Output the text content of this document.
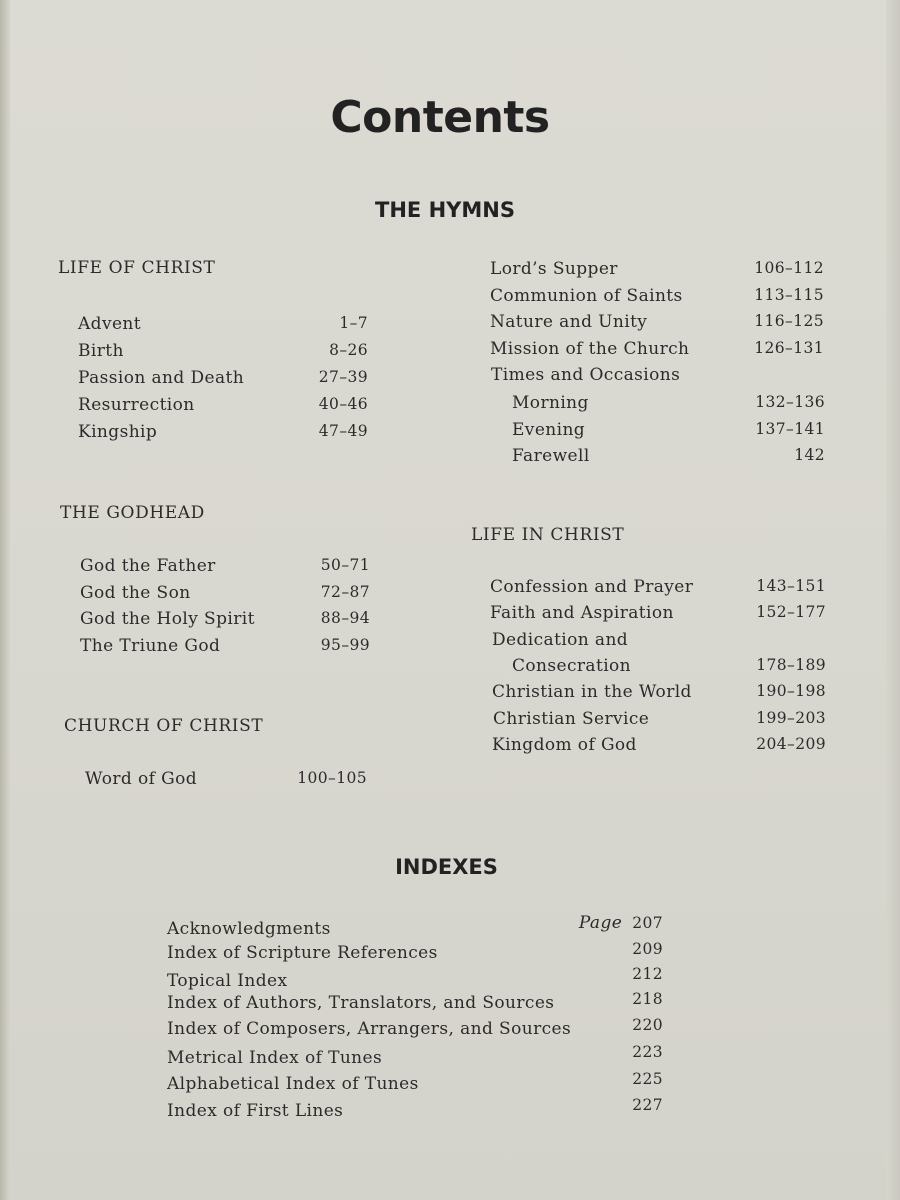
Contents
THE HYMNS
LIFE OF CHRIST
Advent	1–7
Birth	8–26
Passion and Death	27–39
Resurrection	40–46
Kingship	47–49
THE GODHEAD
God the Father	50–71
God the Son	72–87
God the Holy Spirit	88–94
The Triune God	95–99
CHURCH OF CHRIST
Word of God	100–105
Lord’s Supper	106–112
Communion of Saints	113–115
Nature and Unity	116–125
Mission of the Church	126–131
Times and Occasions
Morning	132–136
Evening	137–141
Farewell	142
LIFE IN CHRIST
Confession and Prayer	143–151
Faith and Aspiration	152–177
Dedication and
Consecration	178–189
Christian in the World	190–198
Christian Service	199–203
Kingdom of God	204–209
INDEXES
Acknowledgments	Page 207
Index of Scripture References	209
Topical Index	212
Index of Authors, Translators, and Sources	218
Index of Composers, Arrangers, and Sources	220
Metrical Index of Tunes	223
Alphabetical Index of Tunes	225
Index of First Lines	227
